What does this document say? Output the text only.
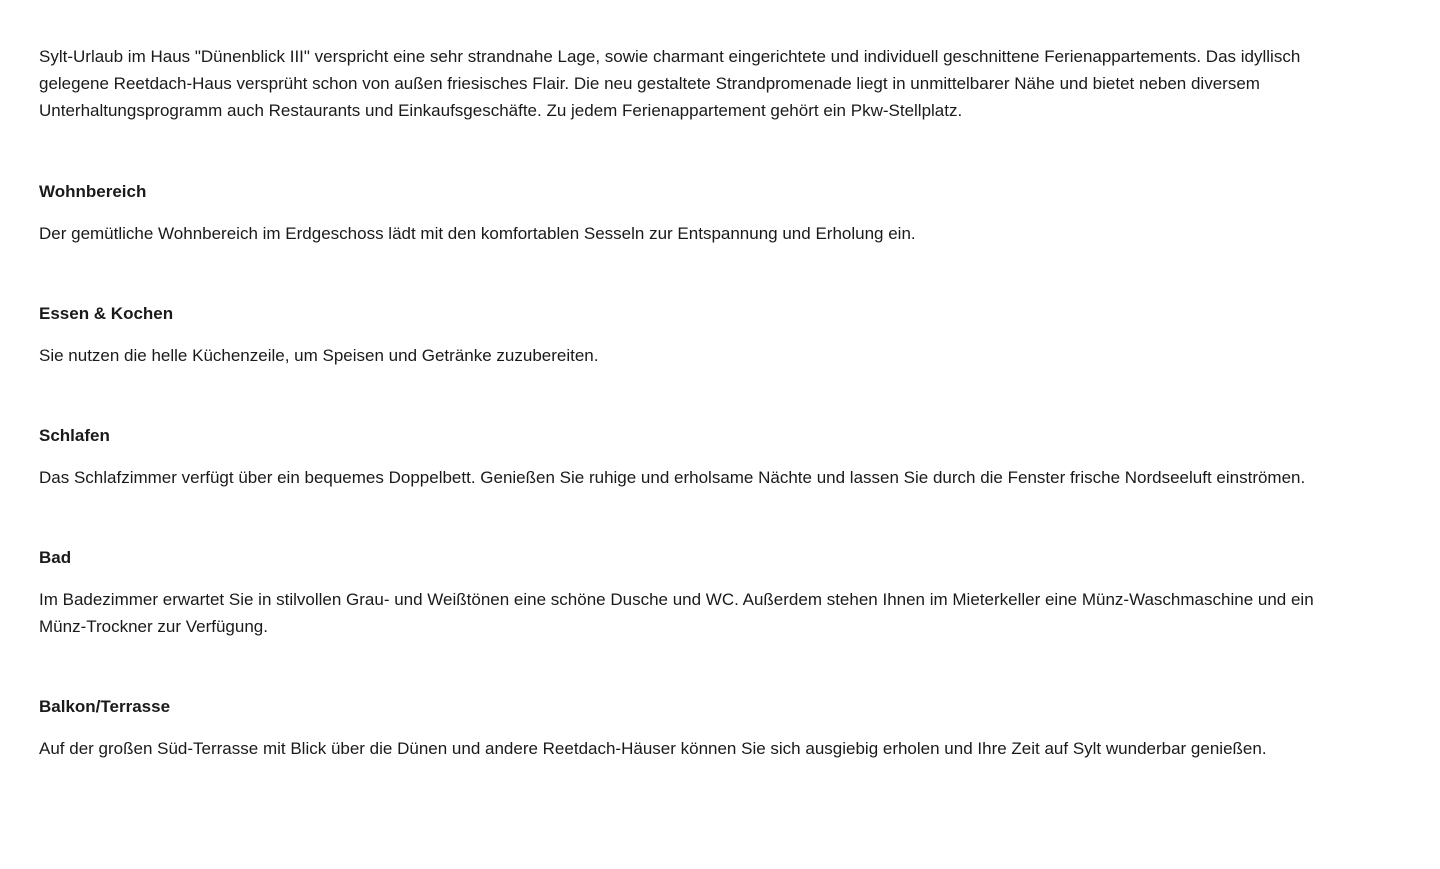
Sylt-Urlaub im Haus "Dünenblick III" verspricht eine sehr strandnahe Lage, sowie charmant eingerichtete und individuell geschnittene Ferienappartements. Das idyllisch gelegene Reetdach-Haus versprüht schon von außen friesisches Flair. Die neu gestaltete Strandpromenade liegt in unmittelbarer Nähe und bietet neben diversem Unterhaltungsprogramm auch Restaurants und Einkaufsgeschäfte. Zu jedem Ferienappartement gehört ein Pkw-Stellplatz.

Wohnbereich

Der gemütliche Wohnbereich im Erdgeschoss lädt mit den komfortablen Sesseln zur Entspannung und Erholung ein.

Essen & Kochen

Sie nutzen die helle Küchenzeile, um Speisen und Getränke zuzubereiten.

Schlafen

Das Schlafzimmer verfügt über ein bequemes Doppelbett. Genießen Sie ruhige und erholsame Nächte und lassen Sie durch die Fenster frische Nordseeluft einströmen.

Bad

Im Badezimmer erwartet Sie in stilvollen Grau- und Weißtönen eine schöne Dusche und WC. Außerdem stehen Ihnen im Mieterkeller eine Münz-Waschmaschine und ein Münz-Trockner zur Verfügung.

Balkon/Terrasse

Auf der großen Süd-Terrasse mit Blick über die Dünen und andere Reetdach-Häuser können Sie sich ausgiebig erholen und Ihre Zeit auf Sylt wunderbar genießen.
